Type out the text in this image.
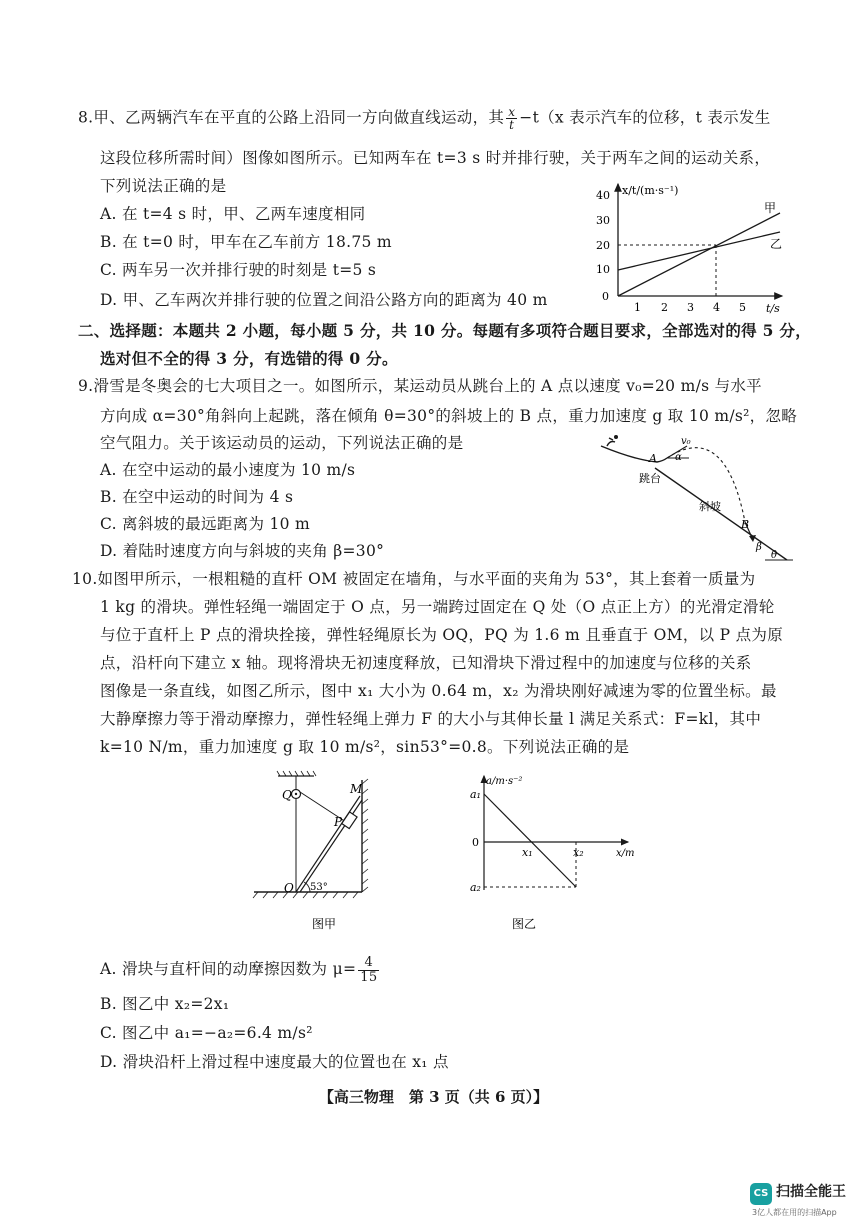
8.甲、乙两辆汽车在平直的公路上沿同一方向做直线运动，其 $\frac{x}{t} -t(x$ 表示汽车的位移，t 表示发生
这段位移所需时间）图像如图所示。已知两车在 t=3 s 时并排行驶，关于两车之间的运动关系，
下列说法正确的是
A. 在 t=4 s 时，甲、乙两车速度相同
B. 在 t=0 时，甲车在乙车前方 18.75 m
C. 两车另一次并排行驶的时刻是 t=5 s
D. 甲、乙车两次并排行驶的位置之间沿公路方向的距离为 40 m
x/t/(m·s⁻¹)
t/s
0
10
20
30
40
1 2 3 4 5
甲
乙
二、选择题：本题共 2 小题，每小题 5 分，共 10 分。每题有多项符合题目要求，全部选对的得 5 分，
选对但不全的得 3 分，有选错的得 0 分。
9.滑雪是冬奥会的七大项目之一。如图所示，某运动员从跳台上的 A 点以速度 v₀=20 m/s 与水平
方向成 α=30°角斜向上起跳，落在倾角 θ=30°的斜坡上的 B 点，重力加速度 g 取 10 m/s²，忽略
空气阻力。关于该运动员的运动，下列说法正确的是
A. 在空中运动的最小速度为 10 m/s
B. 在空中运动的时间为 4 s
C. 离斜坡的最远距离为 10 m
D. 着陆时速度方向与斜坡的夹角 β=30°
A α
v₀
跳台
斜坡
B
β
θ
10.如图甲所示，一根粗糙的直杆 OM 被固定在墙角，与水平面的夹角为 53°，其上套着一质量为
1 kg 的滑块。弹性轻绳一端固定于 O 点，另一端跨过固定在 Q 处（O 点正上方）的光滑定滑轮
与位于直杆上 P 点的滑块拴接，弹性轻绳原长为 OQ，PQ 为 1.6 m 且垂直于 OM，以 P 点为原
点，沿杆向下建立 x 轴。现将滑块无初速度释放，已知滑块下滑过程中的加速度与位移的关系
图像是一条直线，如图乙所示，图中 x₁ 大小为 0.64 m，x₂ 为滑块刚好减速为零的位置坐标。最
大静摩擦力等于滑动摩擦力，弹性轻绳上弹力 F 的大小与其伸长量 l 满足关系式：F=kl，其中
k=10 N/m，重力加速度 g 取 10 m/s²，sin53°=0.8。下列说法正确的是
Q	M
P
O 53°
图甲
a/m·s⁻²
a₁
0
x₁	x₂	x/m
a₂
图乙
A. 滑块与直杆间的动摩擦因数为 $\mu= \frac{4}{15}$
B. 图乙中 x₂=2x₁
C. 图乙中 a₁=−a₂=6.4 m/s²
D. 滑块沿杆上滑过程中速度最大的位置也在 x₁ 点
【高三物理　第 3 页（共 6 页）】
CS 扫描全能王
3亿人都在用的扫描App
